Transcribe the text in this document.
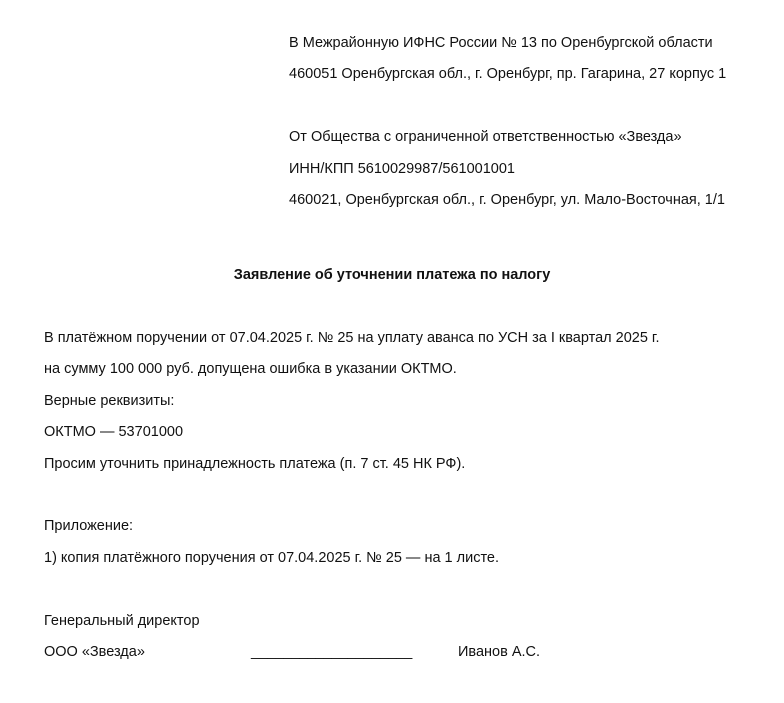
В Межрайонную ИФНС России № 13 по Оренбургской области
460051 Оренбургская обл., г. Оренбург, пр. Гагарина, 27 корпус 1
От Общества с ограниченной ответственностью «Звезда»
ИНН/КПП 5610029987/561001001
460021, Оренбургская обл., г. Оренбург, ул. Мало-Восточная, 1/1
Заявление об уточнении платежа по налогу
В платёжном поручении от 07.04.2025 г. № 25 на уплату аванса по УСН за I квартал 2025 г.
на сумму 100 000 руб. допущена ошибка в указании ОКТМО.
Верные реквизиты:
ОКТМО — 53701000
Просим уточнить принадлежность платежа (п. 7 ст. 45 НК РФ).
Приложение:
1) копия платёжного поручения от 07.04.2025 г. № 25 — на 1 листе.
Генеральный директор
ООО «Звезда»	____________________	Иванов А.С.
